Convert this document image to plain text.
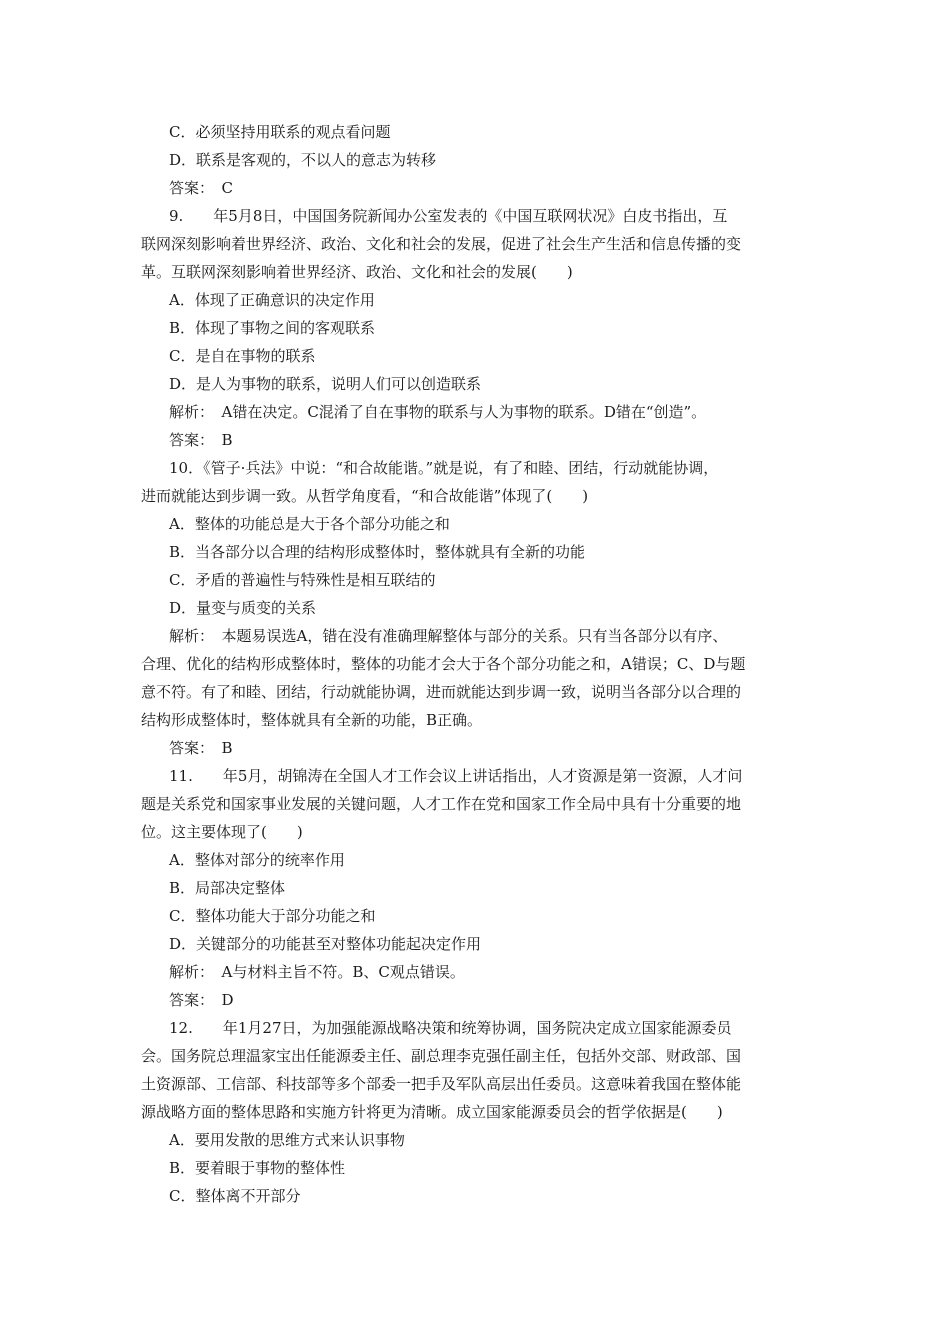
C．必须坚持用联系的观点看问题
D．联系是客观的，不以人的意志为转移
答案：　C
9.　　年5月8日，中国国务院新闻办公室发表的《中国互联网状况》白皮书指出，互
联网深刻影响着世界经济、政治、文化和社会的发展，促进了社会生产生活和信息传播的变
革。互联网深刻影响着世界经济、政治、文化和社会的发展(　　)
A．体现了正确意识的决定作用
B．体现了事物之间的客观联系
C．是自在事物的联系
D．是人为事物的联系，说明人们可以创造联系
解析：　A错在决定。C混淆了自在事物的联系与人为事物的联系。D错在“创造”。
答案：　B
10．《管子·兵法》中说：“和合故能谐。”就是说，有了和睦、团结，行动就能协调，
进而就能达到步调一致。从哲学角度看，“和合故能谐”体现了(　　)
A．整体的功能总是大于各个部分功能之和
B．当各部分以合理的结构形成整体时，整体就具有全新的功能
C．矛盾的普遍性与特殊性是相互联结的
D．量变与质变的关系
解析：　本题易误选A，错在没有准确理解整体与部分的关系。只有当各部分以有序、
合理、优化的结构形成整体时，整体的功能才会大于各个部分功能之和，A错误；C、D与题
意不符。有了和睦、团结，行动就能协调，进而就能达到步调一致，说明当各部分以合理的
结构形成整体时，整体就具有全新的功能，B正确。
答案：　B
11.　　年5月，胡锦涛在全国人才工作会议上讲话指出，人才资源是第一资源，人才问
题是关系党和国家事业发展的关键问题，人才工作在党和国家工作全局中具有十分重要的地
位。这主要体现了(　　)
A．整体对部分的统率作用
B．局部决定整体
C．整体功能大于部分功能之和
D．关键部分的功能甚至对整体功能起决定作用
解析：　A与材料主旨不符。B、C观点错误。
答案：　D
12.　　年1月27日，为加强能源战略决策和统筹协调，国务院决定成立国家能源委员
会。国务院总理温家宝出任能源委主任、副总理李克强任副主任，包括外交部、财政部、国
土资源部、工信部、科技部等多个部委一把手及军队高层出任委员。这意味着我国在整体能
源战略方面的整体思路和实施方针将更为清晰。成立国家能源委员会的哲学依据是(　　)
A．要用发散的思维方式来认识事物
B．要着眼于事物的整体性
C．整体离不开部分
